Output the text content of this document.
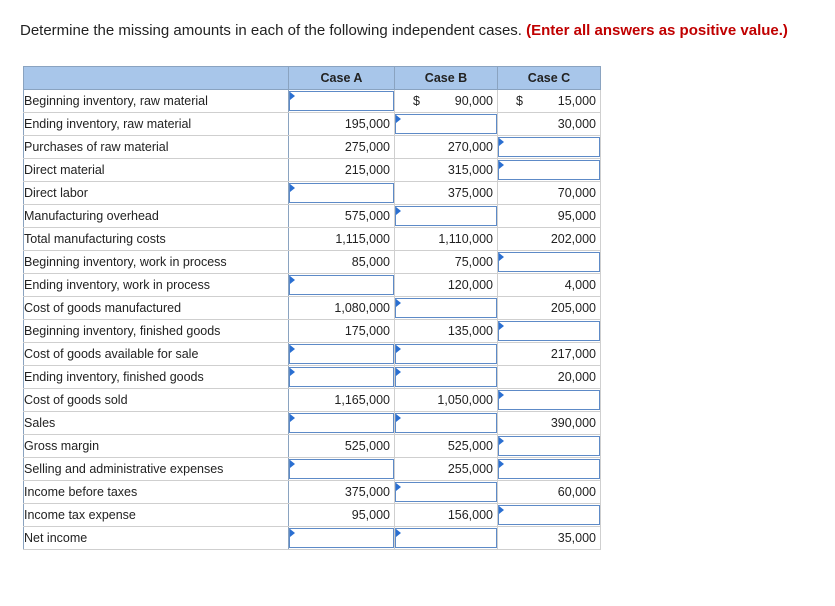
Determine the missing amounts in each of the following independent cases. (Enter all answers as positive value.)
	Case A	Case B	Case C
Beginning inventory, raw material		$ 90,000	$ 15,000

Ending inventory, raw material	195,000		30,000

Purchases of raw material	275,000	270,000	

Direct material	215,000	315,000	

Direct labor		375,000	70,000

Manufacturing overhead	575,000		95,000

Total manufacturing costs	1,115,000	1,110,000	202,000

Beginning inventory, work in process	85,000	75,000	

Ending inventory, work in process		120,000	4,000

Cost of goods manufactured	1,080,000		205,000

Beginning inventory, finished goods	175,000	135,000	

Cost of goods available for sale			217,000

Ending inventory, finished goods			20,000

Cost of goods sold	1,165,000	1,050,000	

Sales			390,000

Gross margin	525,000	525,000	

Selling and administrative expenses		255,000	

Income before taxes	375,000		60,000

Income tax expense	95,000	156,000	

Net income			35,000
